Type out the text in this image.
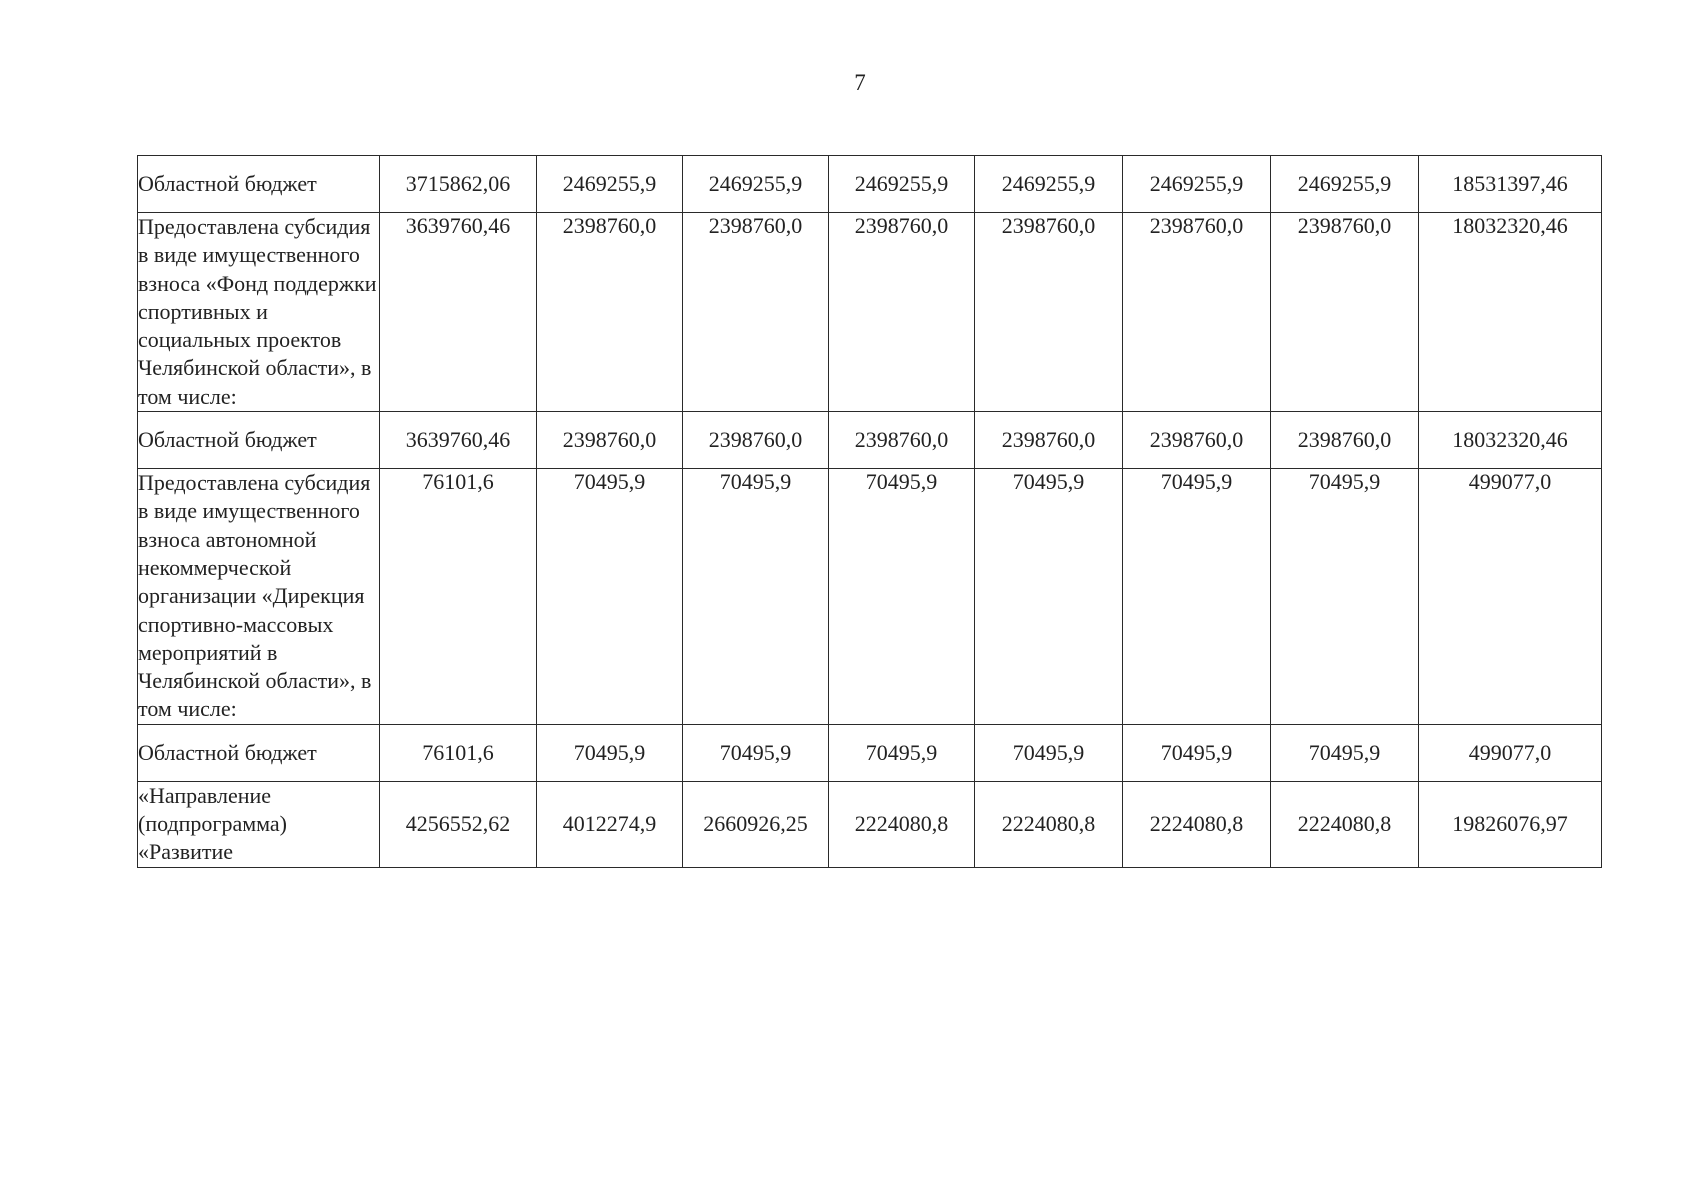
7
Областной бюджет	3715862,06	2469255,9	2469255,9	2469255,9	2469255,9	2469255,9	2469255,9	18531397,46
Предоставлена субсидия в виде имущественного взноса «Фонд поддержки спортивных и социальных проектов Челябинской области», в том числе:	3639760,46	2398760,0	2398760,0	2398760,0	2398760,0	2398760,0	2398760,0	18032320,46
Областной бюджет	3639760,46	2398760,0	2398760,0	2398760,0	2398760,0	2398760,0	2398760,0	18032320,46
Предоставлена субсидия в виде имущественного взноса автономной некоммерческой организации «Дирекция спортивно-массовых мероприятий в Челябинской области», в том числе:	76101,6	70495,9	70495,9	70495,9	70495,9	70495,9	70495,9	499077,0
Областной бюджет	76101,6	70495,9	70495,9	70495,9	70495,9	70495,9	70495,9	499077,0
«Направление (подпрограмма) «Развитие	4256552,62	4012274,9	2660926,25	2224080,8	2224080,8	2224080,8	2224080,8	19826076,97
